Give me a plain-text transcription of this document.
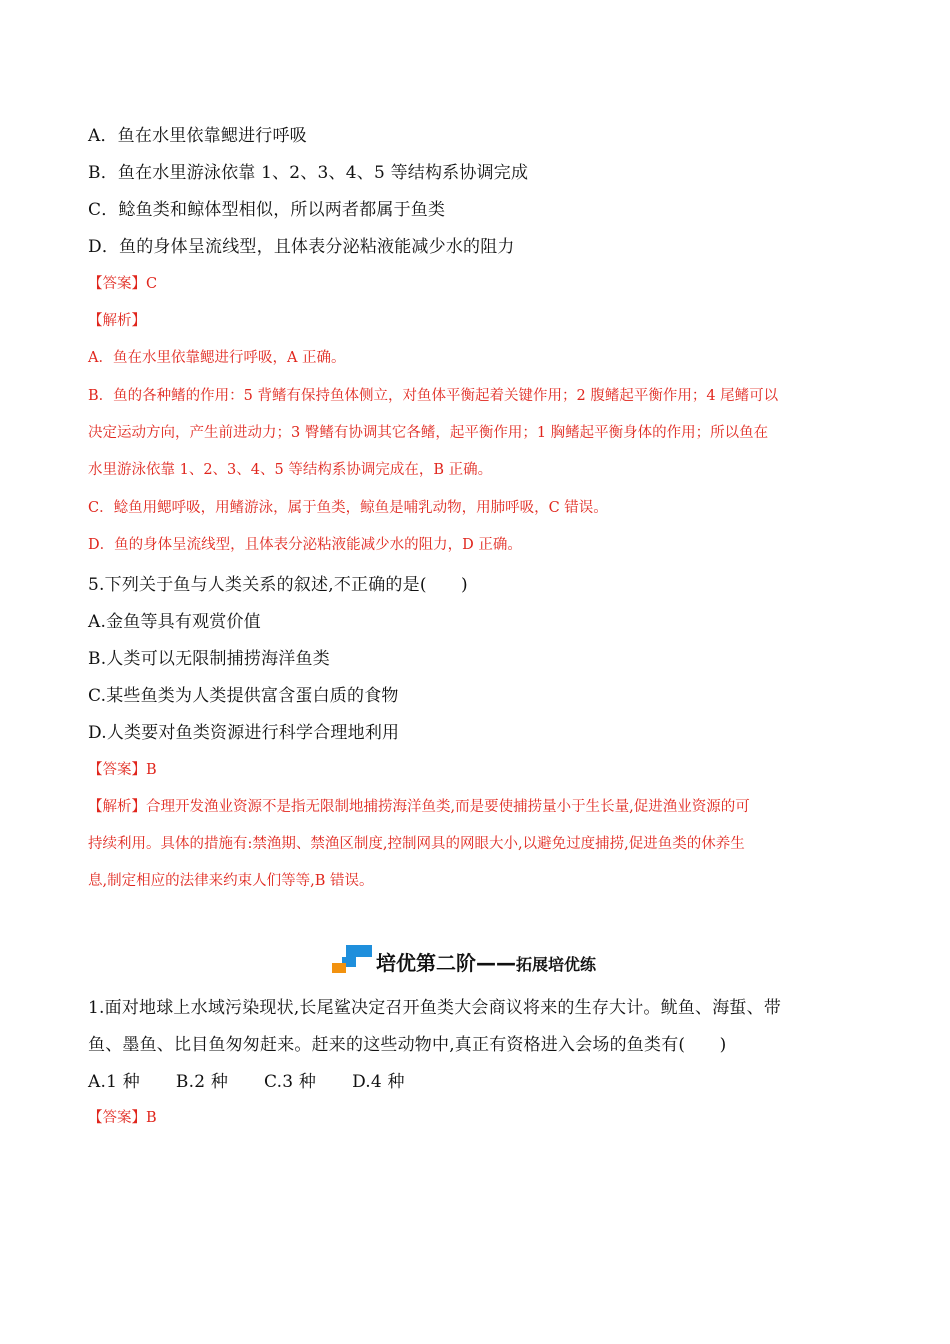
A．鱼在水里依靠鳃进行呼吸
B．鱼在水里游泳依靠 1、2、3、4、5 等结构系协调完成
C．鲶鱼类和鲸体型相似，所以两者都属于鱼类
D．鱼的身体呈流线型，且体表分泌粘液能减少水的阻力
【答案】C
【解析】
A．鱼在水里依靠鳃进行呼吸，A 正确。
B．鱼的各种鳍的作用：5 背鳍有保持鱼体侧立，对鱼体平衡起着关键作用；2 腹鳍起平衡作用；4 尾鳍可以
决定运动方向，产生前进动力；3 臀鳍有协调其它各鳍，起平衡作用；1 胸鳍起平衡身体的作用；所以鱼在
水里游泳依靠 1、2、3、4、5 等结构系协调完成在，B 正确。
C．鲶鱼用鳃呼吸，用鳍游泳，属于鱼类，鲸鱼是哺乳动物，用肺呼吸，C 错误。
D．鱼的身体呈流线型，且体表分泌粘液能减少水的阻力，D 正确。
5.下列关于鱼与人类关系的叙述,不正确的是(　　)
A.金鱼等具有观赏价值
B.人类可以无限制捕捞海洋鱼类
C.某些鱼类为人类提供富含蛋白质的食物
D.人类要对鱼类资源进行科学合理地利用
【答案】B
【解析】合理开发渔业资源不是指无限制地捕捞海洋鱼类,而是要使捕捞量小于生长量,促进渔业资源的可
持续利用。具体的措施有:禁渔期、禁渔区制度,控制网具的网眼大小,以避免过度捕捞,促进鱼类的休养生
息,制定相应的法律来约束人们等等,B 错误。
培优第二阶——拓展培优练
1.面对地球上水域污染现状,长尾鲨决定召开鱼类大会商议将来的生存大计。鱿鱼、海蜇、带
鱼、墨鱼、比目鱼匆匆赶来。赶来的这些动物中,真正有资格进入会场的鱼类有(　　)
A.1 种 B.2 种 C.3 种 D.4 种
【答案】B
